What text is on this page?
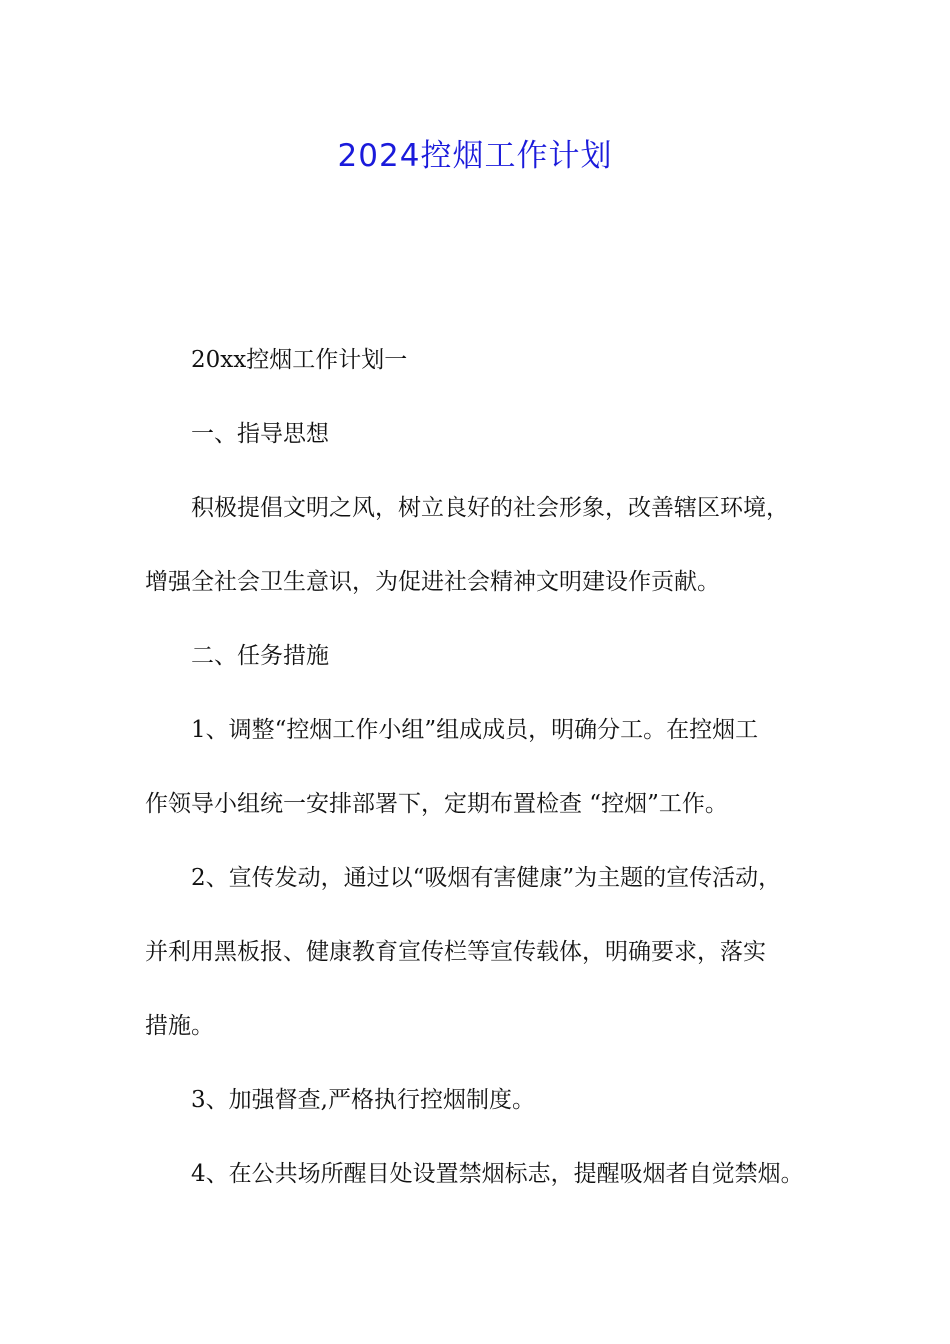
2024控烟工作计划
20xx控烟工作计划一
一、指导思想
积极提倡文明之风，树立良好的社会形象，改善辖区环境，
增强全社会卫生意识，为促进社会精神文明建设作贡献。
二、任务措施
1、调整“控烟工作小组”组成成员，明确分工。在控烟工
作领导小组统一安排部署下，定期布置检查 “控烟”工作。
2、宣传发动，通过以“吸烟有害健康”为主题的宣传活动，
并利用黑板报、健康教育宣传栏等宣传载体，明确要求，落实
措施。
3、加强督查,严格执行控烟制度。
4、在公共场所醒目处设置禁烟标志，提醒吸烟者自觉禁烟。
